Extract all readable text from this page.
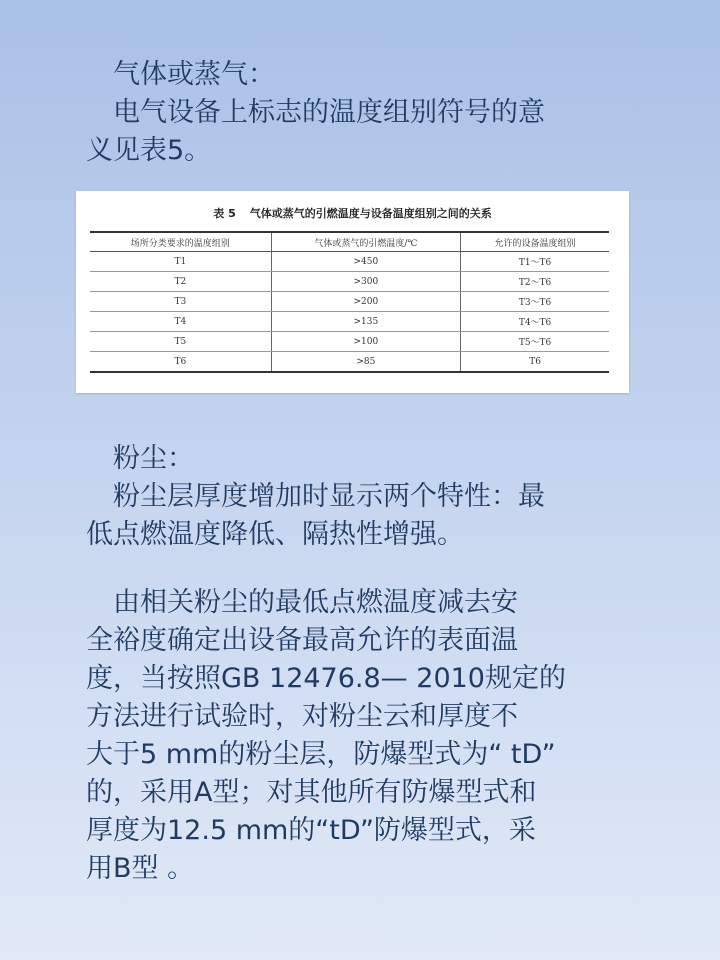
　气体或蒸气：

　电气设备上标志的温度组别符号的意
义见表5。

表 5 气体或蒸气的引燃温度与设备温度组别之间的关系
场所分类要求的温度组别	气体或蒸气的引燃温度/℃	允许的设备温度组别
T1	>450	T1～T6
T2	>300	T2～T6
T3	>200	T3～T6
T4	>135	T4～T6
T5	>100	T5～T6
T6	>85	T6

　粉尘：

　粉尘层厚度增加时显示两个特性：最
低点燃温度降低、隔热性增强。

　由相关粉尘的最低点燃温度减去安
全裕度确定出设备最高允许的表面温
度，当按照GB 12476.8— 2010规定的
方法进行试验时，对粉尘云和厚度不
大于5 mm的粉尘层，防爆型式为“ tD”
的，采用A型；对其他所有防爆型式和
厚度为12.5 mm的“tD”防爆型式，采
用B型 。
